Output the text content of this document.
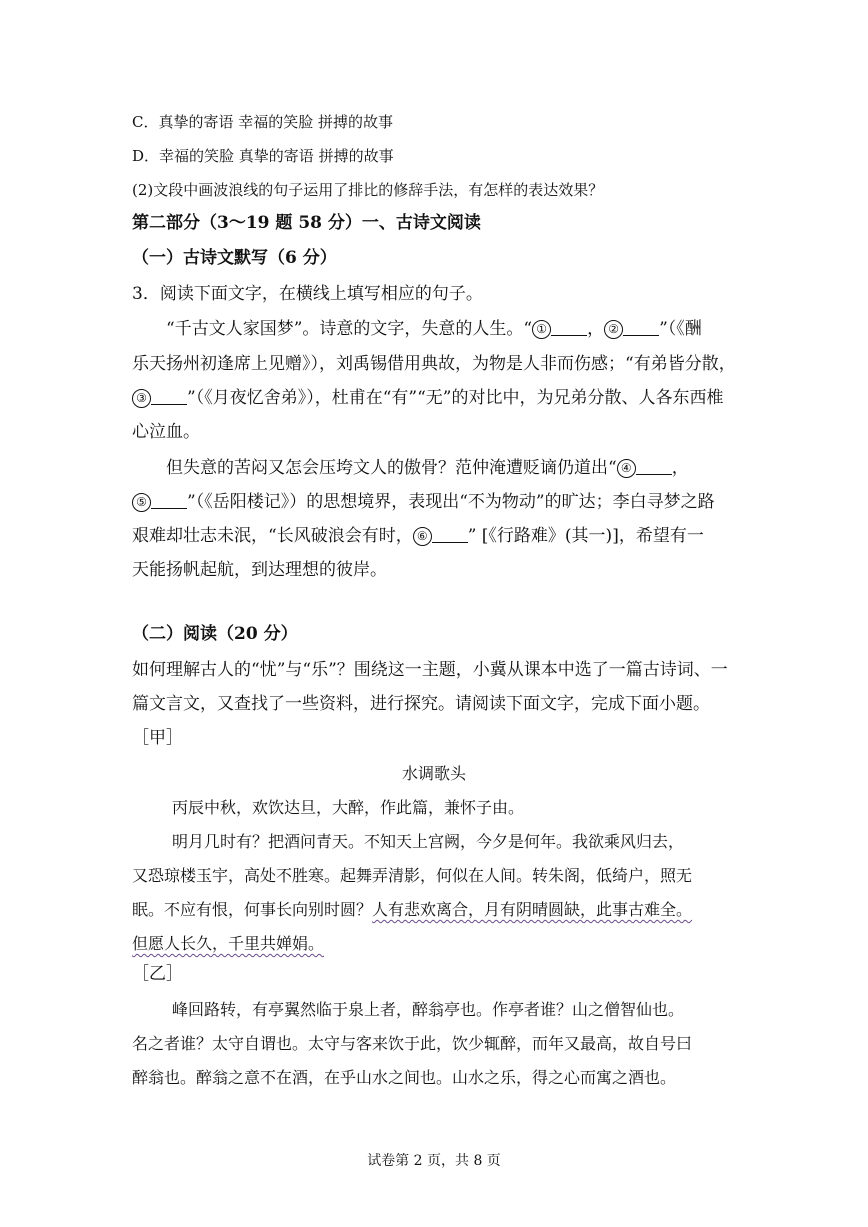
C．真挚的寄语 幸福的笑脸 拼搏的故事
D．幸福的笑脸 真挚的寄语 拼搏的故事
(2)文段中画波浪线的句子运用了排比的修辞手法，有怎样的表达效果？
第二部分（3～19 题 58 分）一、古诗文阅读
（一）古诗文默写（6 分）
3．阅读下面文字，在横线上填写相应的句子。
“千古文人家国梦”。诗意的文字，失意的人生。“ ① ， ② ”（《酬
乐天扬州初逢席上见赠》），刘禹锡借用典故，为物是人非而伤感；“有弟皆分散，
③ ”（《月夜忆舍弟》），杜甫在“有”“无”的对比中，为兄弟分散、人各东西椎
心泣血。
但失意的苦闷又怎会压垮文人的傲骨？范仲淹遭贬谪仍道出“ ④ ，
⑤ ”（《岳阳楼记》）的思想境界，表现出“不为物动”的旷达；李白寻梦之路
艰难却壮志未泯，“长风破浪会有时， ⑥ ” [《行路难》(其一)]，希望有一
天能扬帆起航，到达理想的彼岸。
（二）阅读（20 分）
如何理解古人的“忧”与“乐”？围绕这一主题，小冀从课本中选了一篇古诗词、一
篇文言文，又查找了一些资料，进行探究。请阅读下面文字，完成下面小题。
［甲］
水调歌头
丙辰中秋，欢饮达旦，大醉，作此篇，兼怀子由。
明月几时有？把酒问青天。不知天上宫阙，今夕是何年。我欲乘风归去，
又恐琼楼玉宇，高处不胜寒。起舞弄清影，何似在人间。转朱阁，低绮户，照无
眠。不应有恨，何事长向别时圆？人有悲欢离合，月有阴晴圆缺，此事古难全。
但愿人长久，千里共婵娟。
［乙］
峰回路转，有亭翼然临于泉上者，醉翁亭也。作亭者谁？山之僧智仙也。
名之者谁？太守自谓也。太守与客来饮于此，饮少辄醉，而年又最高，故自号曰
醉翁也。醉翁之意不在酒，在乎山水之间也。山水之乐，得之心而寓之酒也。
试卷第 2 页，共 8 页
